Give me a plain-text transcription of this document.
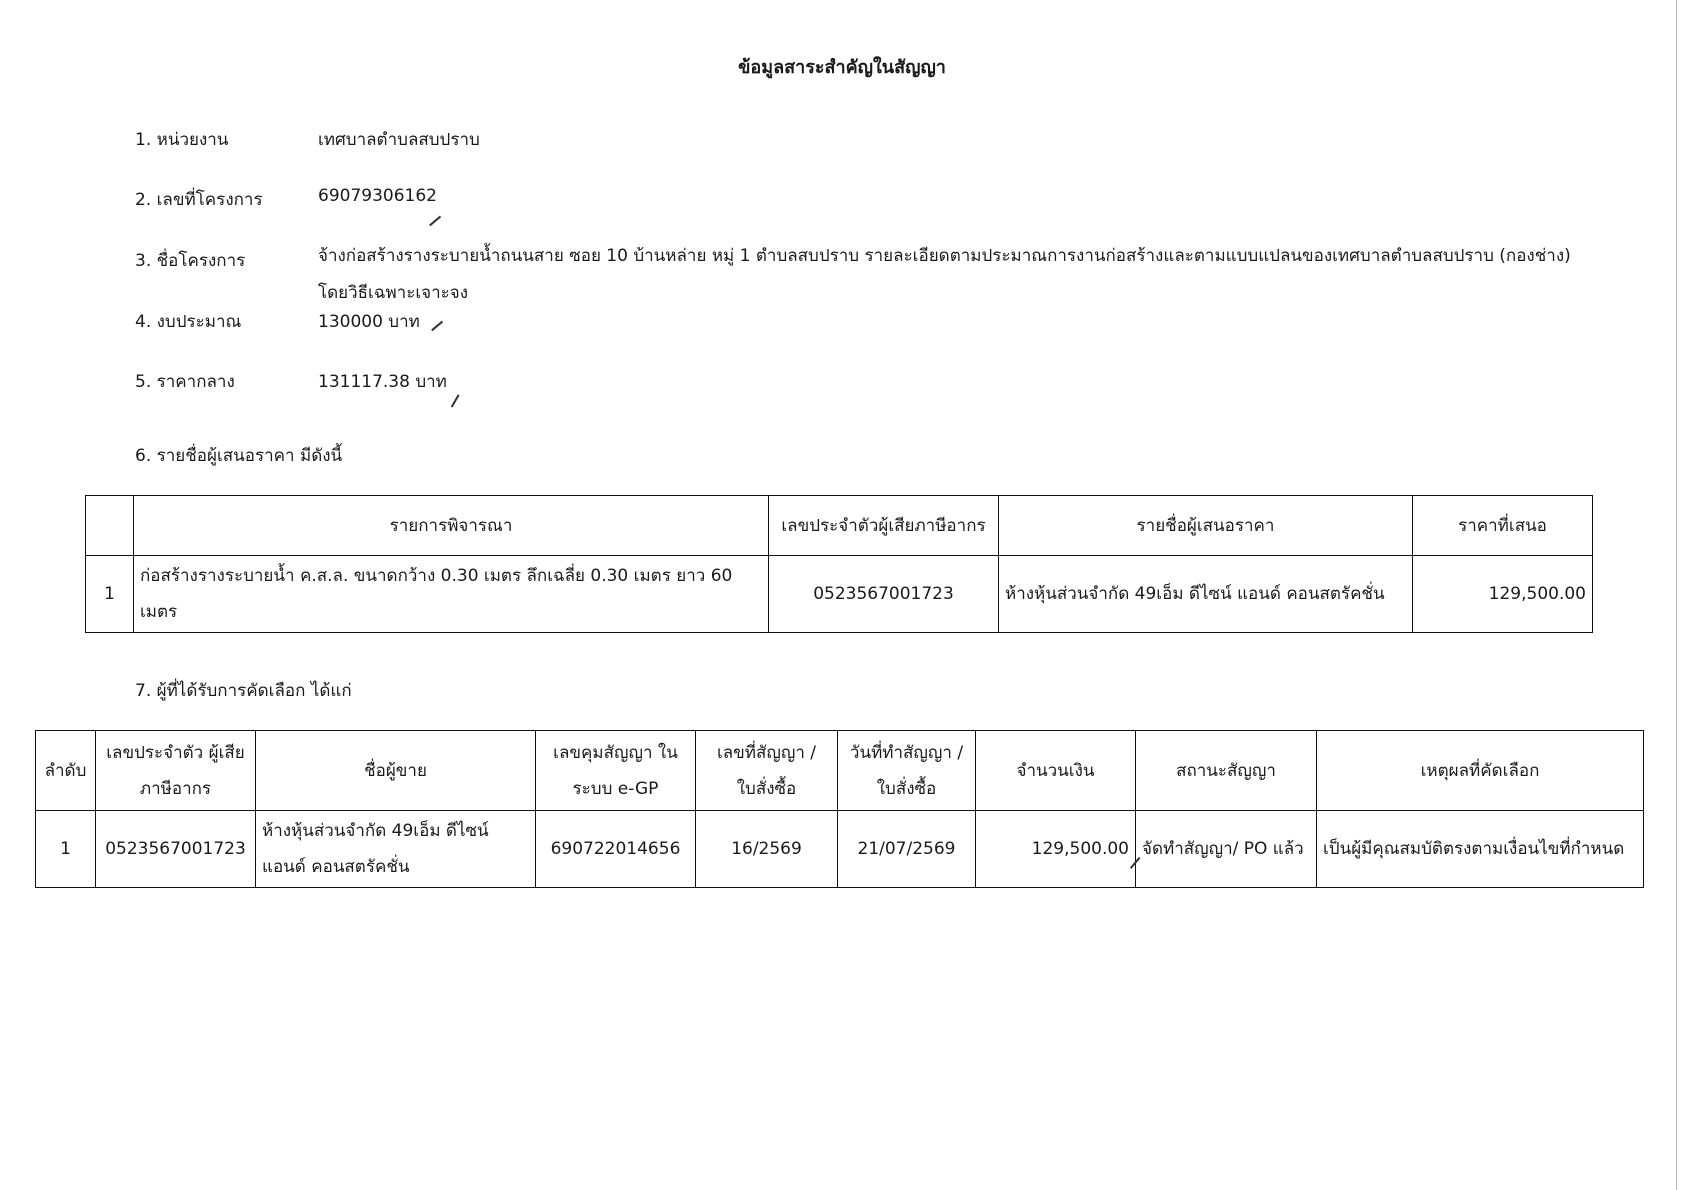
ข้อมูลสาระสำคัญในสัญญา
1. หน่วยงาน	เทศบาลตำบลสบปราบ
2. เลขที่โครงการ	69079306162
3. ชื่อโครงการ	จ้างก่อสร้างรางระบายน้ำถนนสาย ซอย 10 บ้านหล่าย หมู่ 1 ตำบลสบปราบ รายละเอียดตามประมาณการงานก่อสร้างและตามแบบแปลนของเทศบาลตำบลสบปราบ (กองช่าง) โดยวิธีเฉพาะเจาะจง
4. งบประมาณ	130000 บาท
5. ราคากลาง	131117.38 บาท
6. รายชื่อผู้เสนอราคา มีดังนี้
	รายการพิจารณา	เลขประจำตัวผู้เสียภาษีอากร	รายชื่อผู้เสนอราคา	ราคาที่เสนอ
1	ก่อสร้างรางระบายน้ำ ค.ส.ล. ขนาดกว้าง 0.30 เมตร ลึกเฉลี่ย 0.30 เมตร ยาว 60 เมตร	0523567001723	ห้างหุ้นส่วนจำกัด 49เอ็ม ดีไซน์ แอนด์ คอนสตรัคชั่น	129,500.00
7. ผู้ที่ได้รับการคัดเลือก ได้แก่
ลำดับ	เลขประจำตัว ผู้เสียภาษีอากร	ชื่อผู้ขาย	เลขคุมสัญญา ในระบบ e-GP	เลขที่สัญญา / ใบสั่งซื้อ	วันที่ทำสัญญา / ใบสั่งซื้อ	จำนวนเงิน	สถานะสัญญา	เหตุผลที่คัดเลือก
1	0523567001723	ห้างหุ้นส่วนจำกัด 49เอ็ม ดีไซน์ แอนด์ คอนสตรัคชั่น	690722014656	16/2569	21/07/2569	129,500.00	จัดทำสัญญา/ PO แล้ว	เป็นผู้มีคุณสมบัติตรงตามเงื่อนไขที่กำหนด
